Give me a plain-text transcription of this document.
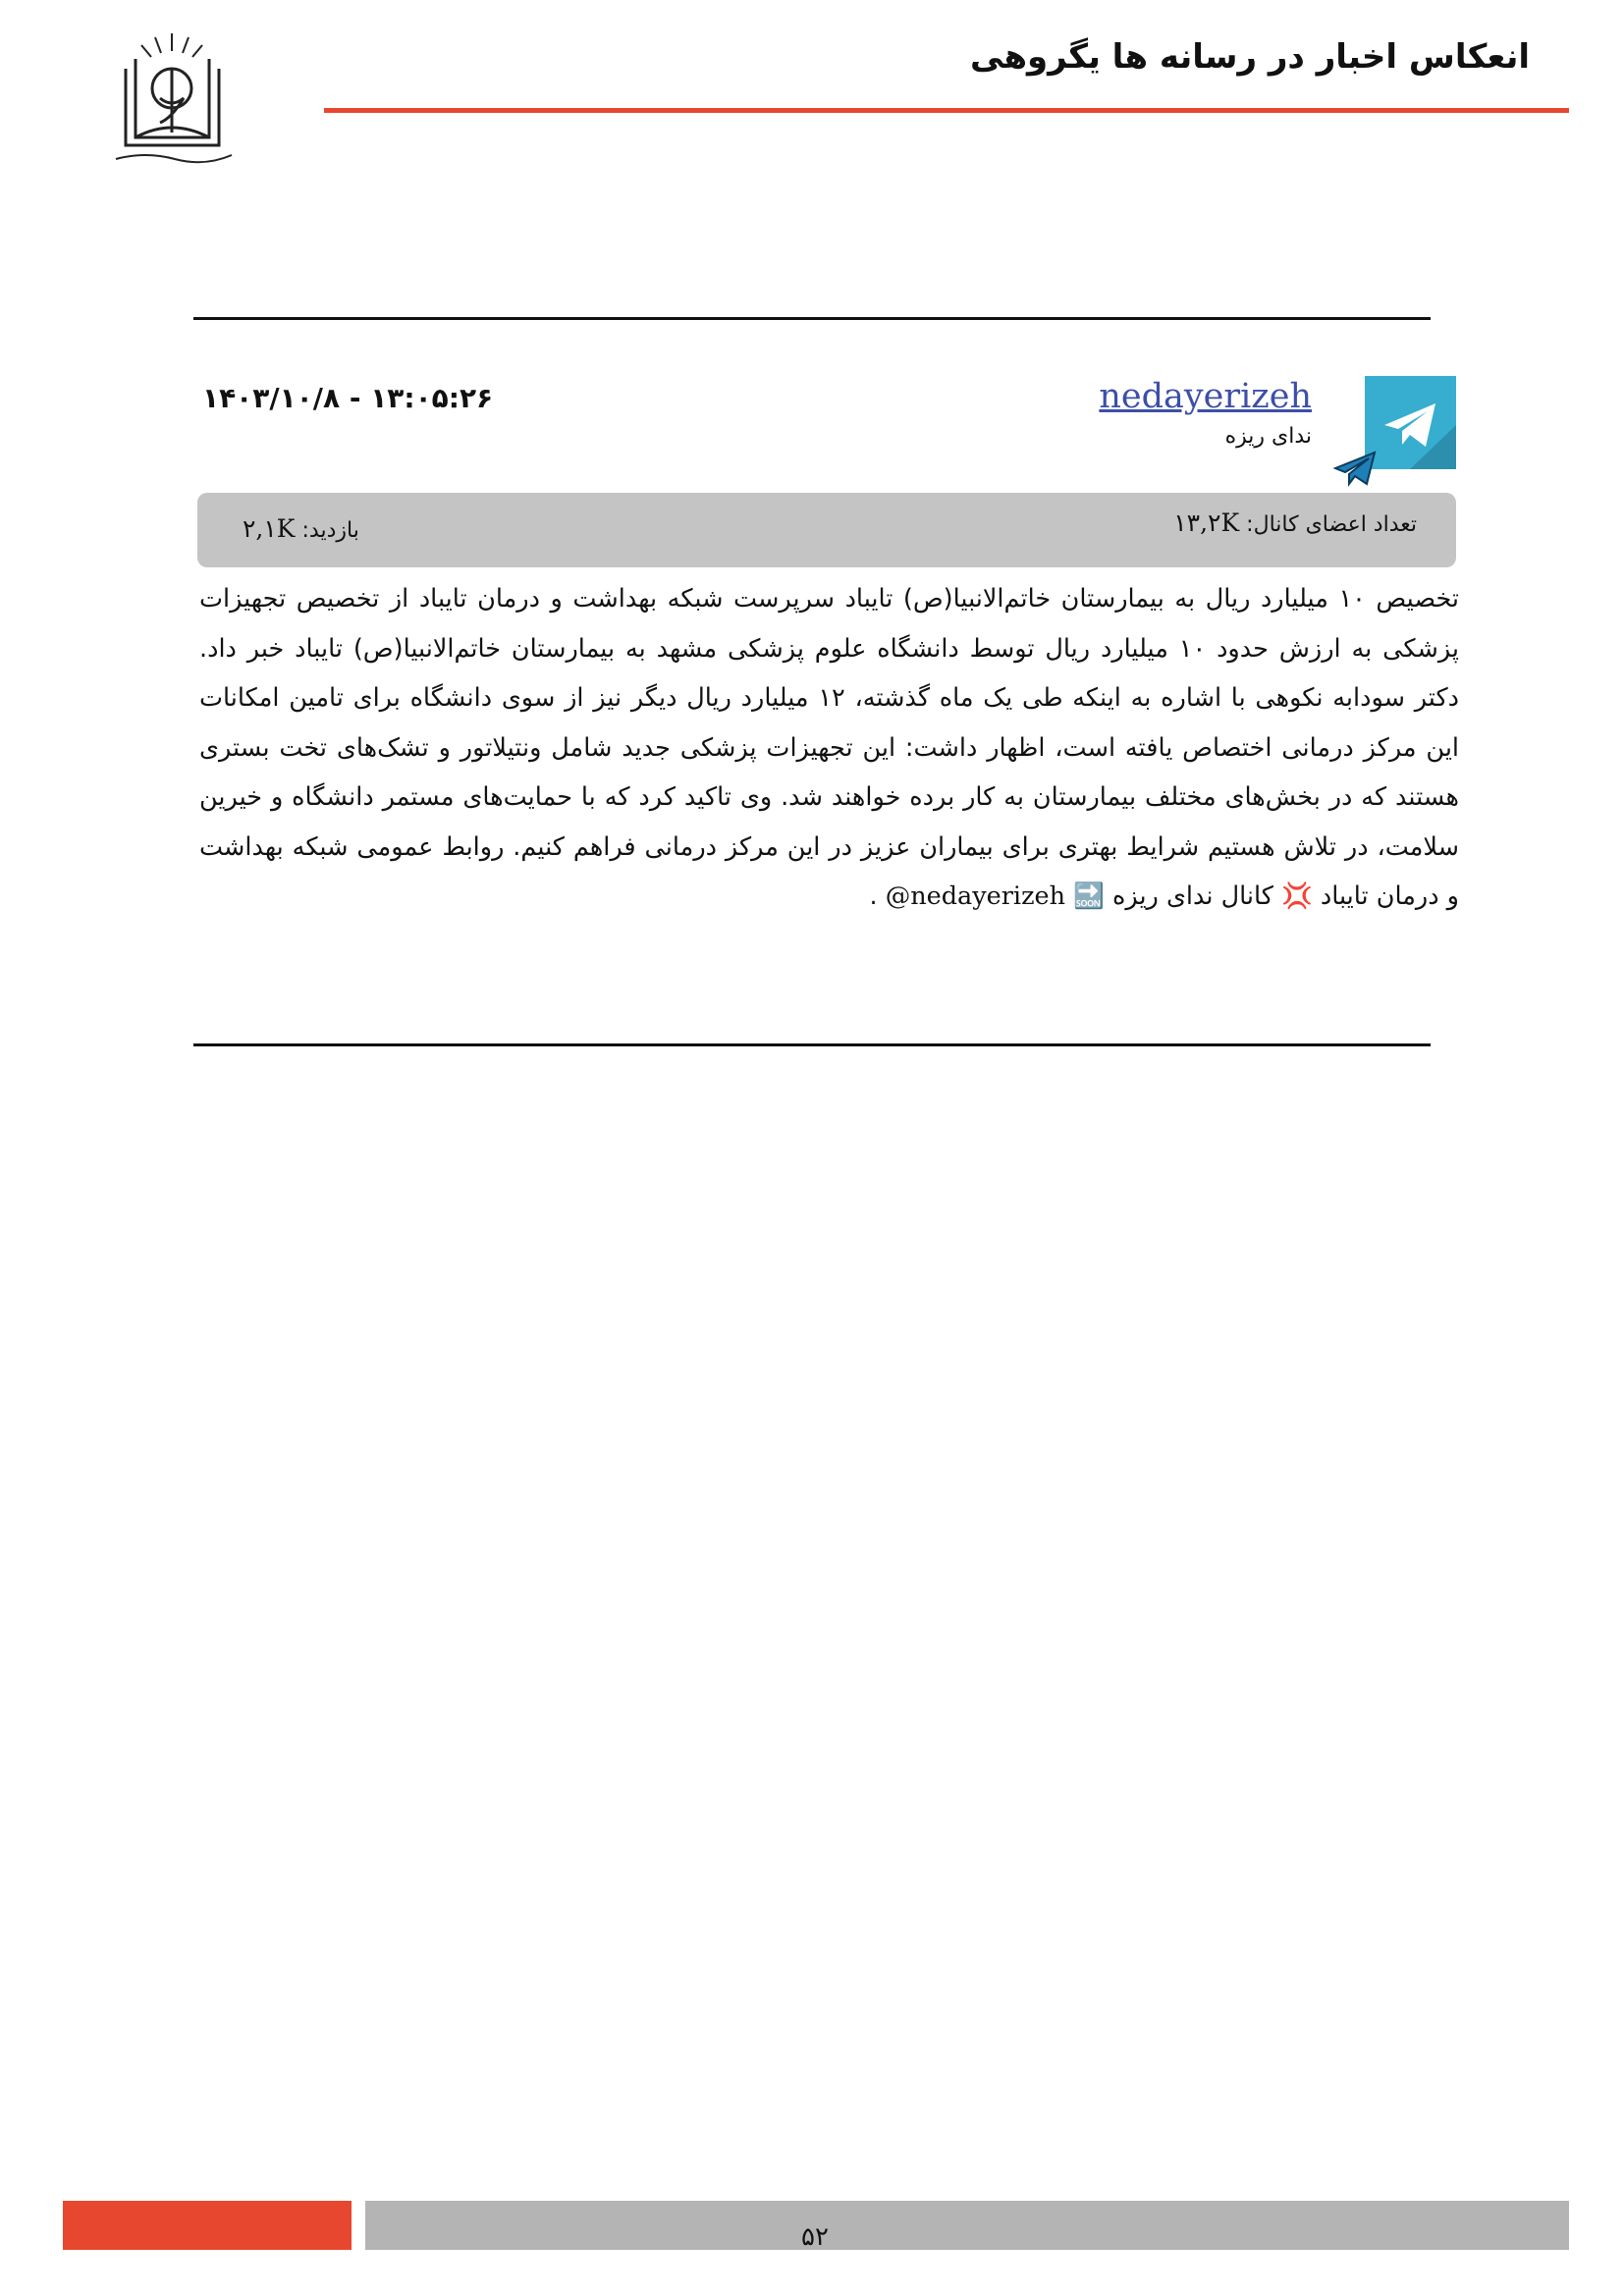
انعکاس اخبار در رسانه ها یگروهی
nedayerizeh
ندای ریزه
۱۴۰۳/۱۰/۸ - ۱۳:۰۵:۲۶
تعداد اعضای کانال: ۱۳,۲K
بازدید: ۲,۱K
تخصیص ۱۰ میلیارد ریال به بیمارستان خاتم‌الانبیا(ص) تایباد سرپرست شبکه بهداشت و درمان تایباد از تخصیص تجهیزات پزشکی به ارزش حدود ۱۰ میلیارد ریال توسط دانشگاه علوم پزشکی مشهد به بیمارستان خاتم‌الانبیا(ص) تایباد خبر داد. دکتر سودابه نکوهی با اشاره به اینکه طی یک ماه گذشته، ۱۲ میلیارد ریال دیگر نیز از سوی دانشگاه برای تامین امکانات این مرکز درمانی اختصاص یافته است، اظهار داشت: این تجهیزات پزشکی جدید شامل ونتیلاتور و تشک‌های تخت بستری هستند که در بخش‌های مختلف بیمارستان به کار برده خواهند شد. وی تاکید کرد که با حمایت‌های مستمر دانشگاه و خیرین سلامت، در تلاش هستیم شرایط بهتری برای بیماران عزیز در این مرکز درمانی فراهم کنیم. روابط عمومی شبکه بهداشت و درمان تایباد 💢 کانال ندای ریزه 🔜 @nedayerizeh .
۵۲
